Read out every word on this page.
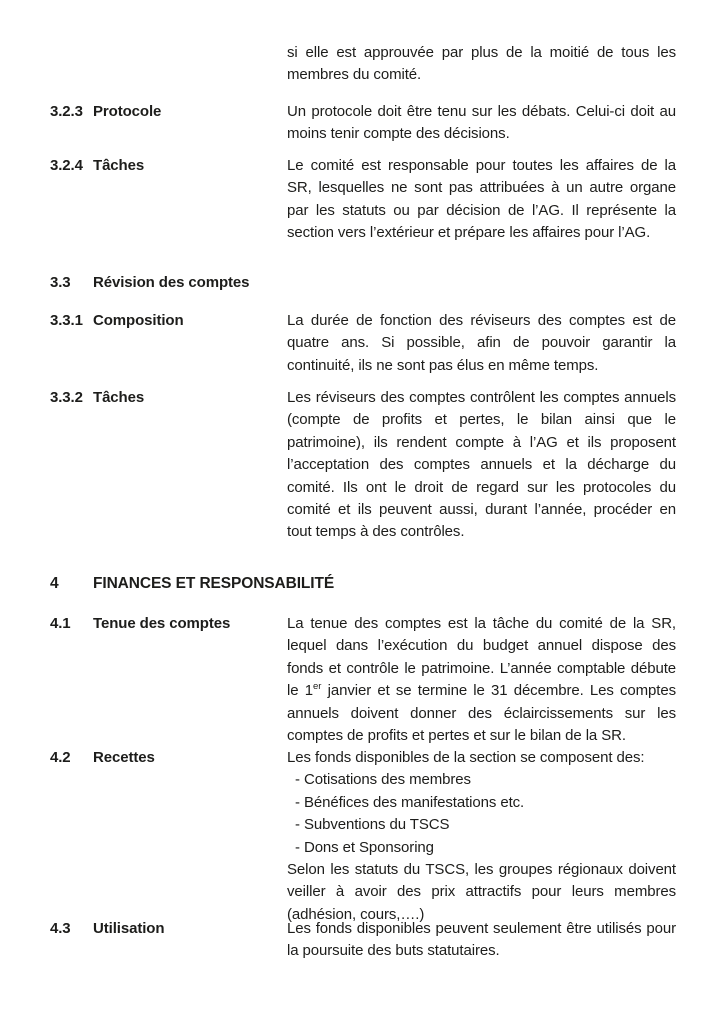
si elle est approuvée par plus de la moitié de tous les membres du comité.
3.2.3 Protocole	Un protocole doit être tenu sur les débats. Celui-ci doit au moins tenir compte des décisions.
3.2.4 Tâches	Le comité est responsable pour toutes les affaires de la SR, lesquelles ne sont pas attribuées à un autre organe par les statuts ou par décision de l’AG. Il représente la section vers l’extérieur et prépare les affaires pour l’AG.
3.3	Révision des comptes
3.3.1 Composition	La durée de fonction des réviseurs des comptes est de quatre ans. Si possible, afin de pouvoir garantir la continuité, ils ne sont pas élus en même temps.
3.3.2 Tâches	Les réviseurs des comptes contrôlent les comptes annuels (compte de profits et pertes, le bilan ainsi que le patrimoine), ils rendent compte à l’AG et ils proposent l’acceptation des comptes annuels et la décharge du comité. Ils ont le droit de regard sur les protocoles du comité et ils peuvent aussi, durant l’année, procéder en tout temps à des contrôles.
4	FINANCES ET RESPONSABILITÉ
4.1	Tenue des comptes	La tenue des comptes est la tâche du comité de la SR, lequel dans l’exécution du budget annuel dispose des fonds et contrôle le patrimoine. L’année comptable débute le 1er janvier et se termine le 31 décembre. Les comptes annuels doivent donner des éclaircissements sur les comptes de profits et pertes et sur le bilan de la SR.
4.2	Recettes	Les fonds disponibles de la section se composent des:
- Cotisations des membres
- Bénéfices des manifestations etc.
- Subventions du TSCS
- Dons et Sponsoring
Selon les statuts du TSCS, les groupes régionaux doivent veiller à avoir des prix attractifs pour leurs membres (adhésion, cours,….)
4.3	Utilisation	Les fonds disponibles peuvent seulement être utilisés pour la poursuite des buts statutaires.
